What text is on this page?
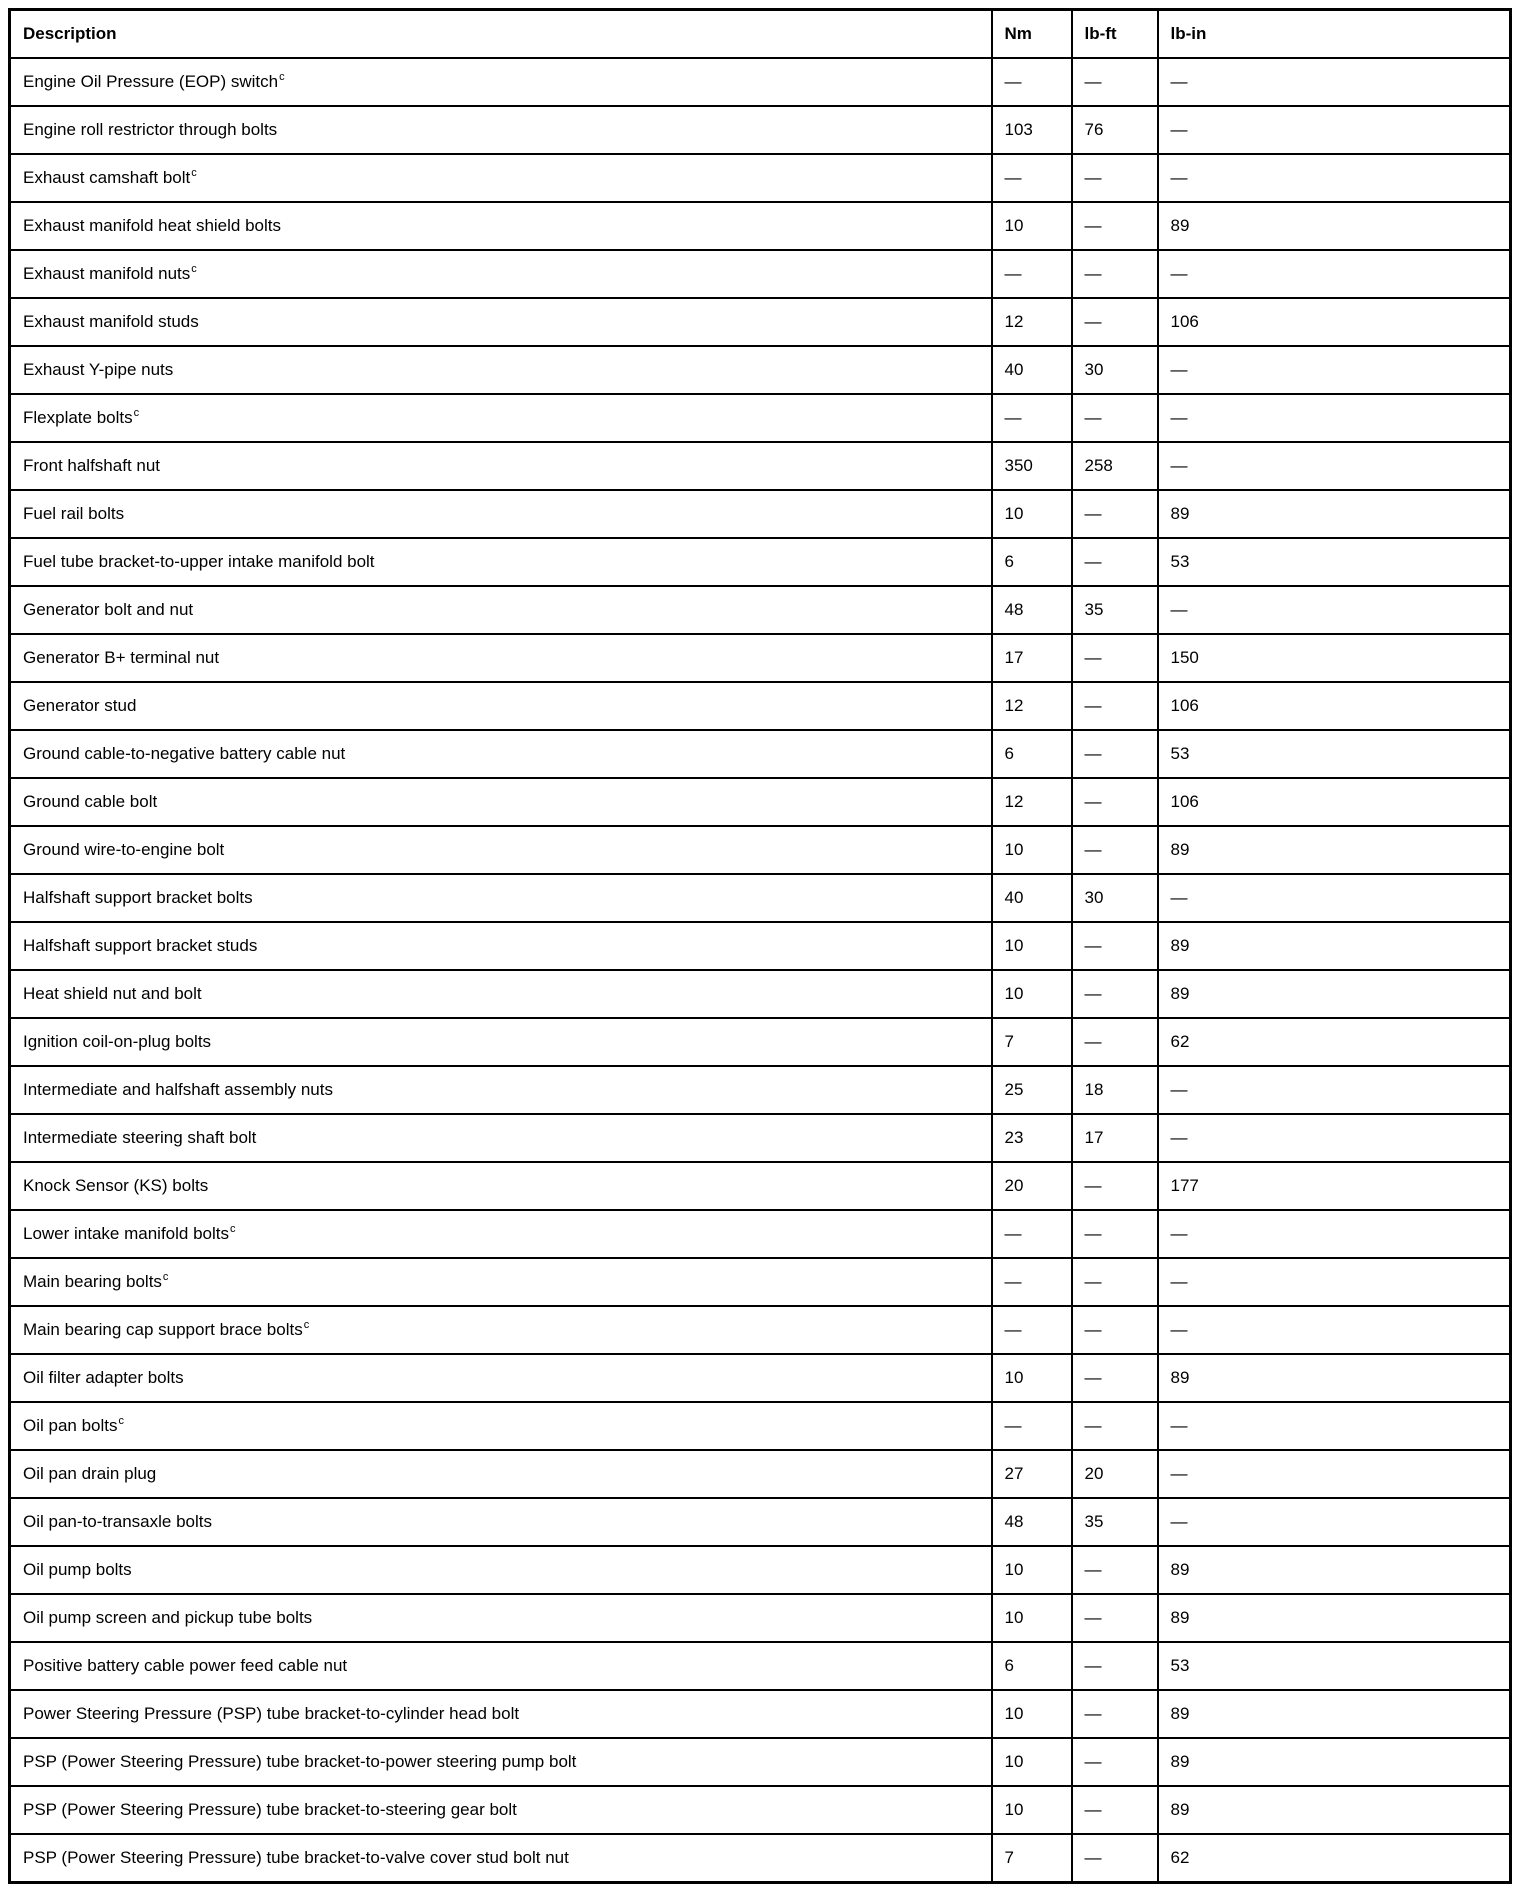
Description	Nm	lb-ft	lb-in
Engine Oil Pressure (EOP) switch$^c$	—	—	—
Engine roll restrictor through bolts	103	76	—
Exhaust camshaft bolt$^c$	—	—	—
Exhaust manifold heat shield bolts	10	—	89
Exhaust manifold nuts$^c$	—	—	—
Exhaust manifold studs	12	—	106
Exhaust Y-pipe nuts	40	30	—
Flexplate bolts$^c$	—	—	—
Front halfshaft nut	350	258	—
Fuel rail bolts	10	—	89
Fuel tube bracket-to-upper intake manifold bolt	6	—	53
Generator bolt and nut	48	35	—
Generator B+ terminal nut	17	—	150
Generator stud	12	—	106
Ground cable-to-negative battery cable nut	6	—	53
Ground cable bolt	12	—	106
Ground wire-to-engine bolt	10	—	89
Halfshaft support bracket bolts	40	30	—
Halfshaft support bracket studs	10	—	89
Heat shield nut and bolt	10	—	89
Ignition coil-on-plug bolts	7	—	62
Intermediate and halfshaft assembly nuts	25	18	—
Intermediate steering shaft bolt	23	17	—
Knock Sensor (KS) bolts	20	—	177
Lower intake manifold bolts$^c$	—	—	—
Main bearing bolts$^c$	—	—	—
Main bearing cap support brace bolts$^c$	—	—	—
Oil filter adapter bolts	10	—	89
Oil pan bolts$^c$	—	—	—
Oil pan drain plug	27	20	—
Oil pan-to-transaxle bolts	48	35	—
Oil pump bolts	10	—	89
Oil pump screen and pickup tube bolts	10	—	89
Positive battery cable power feed cable nut	6	—	53
Power Steering Pressure (PSP) tube bracket-to-cylinder head bolt	10	—	89
PSP (Power Steering Pressure) tube bracket-to-power steering pump bolt	10	—	89
PSP (Power Steering Pressure) tube bracket-to-steering gear bolt	10	—	89
PSP (Power Steering Pressure) tube bracket-to-valve cover stud bolt nut	7	—	62
